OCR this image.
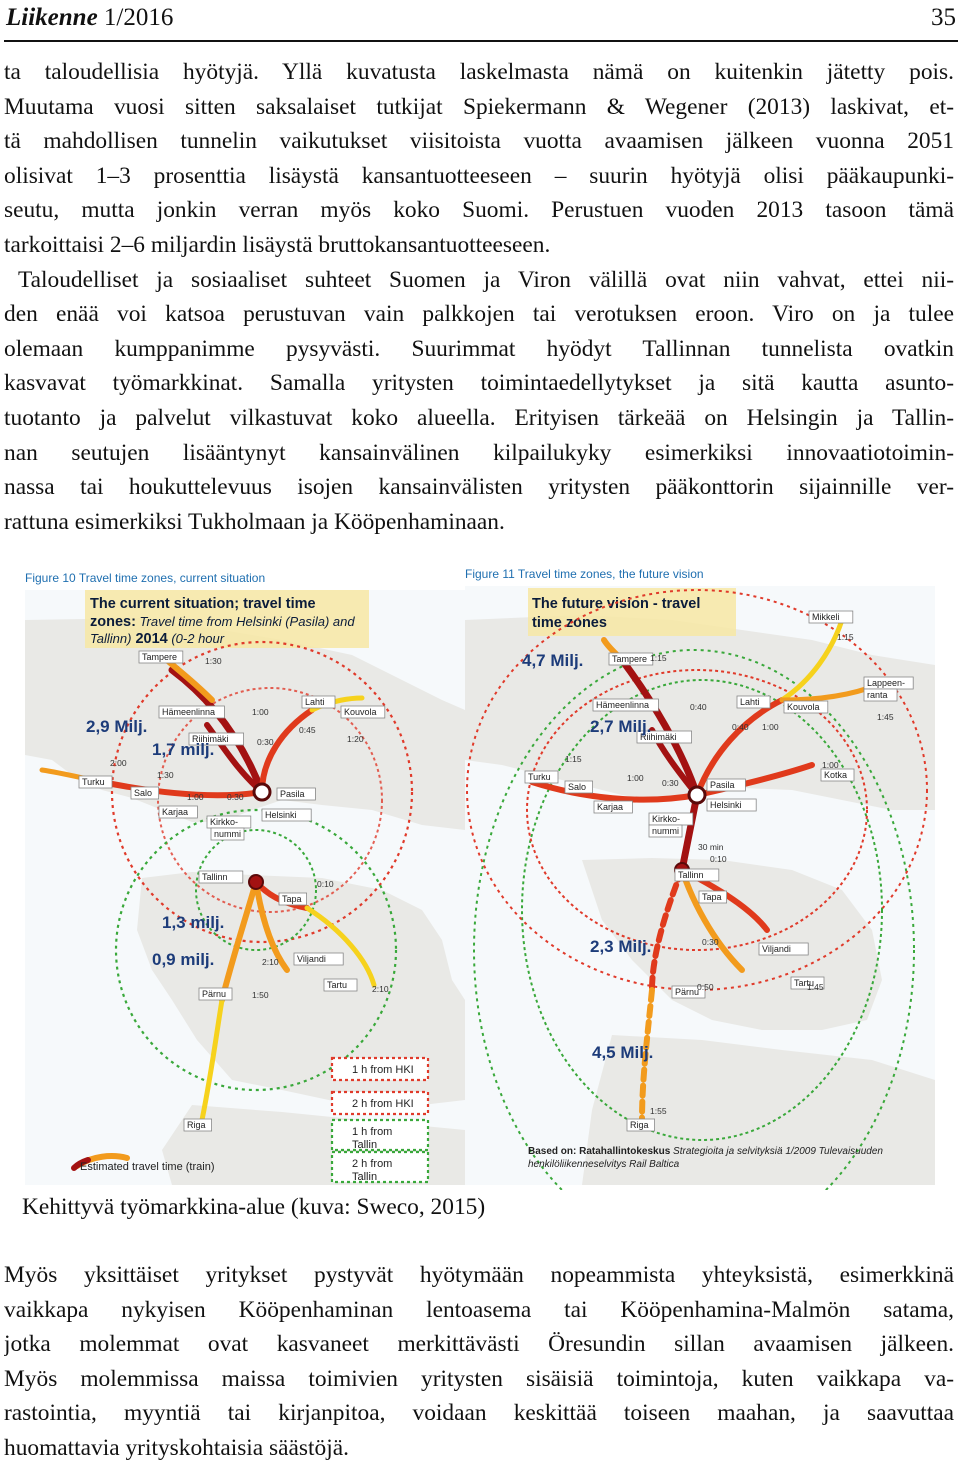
Liikenne 1/2016	35
ta taloudellisia hyötyjä. Yllä kuvatusta laskelmasta nämä on kuitenkin jätetty pois.
Muutama vuosi sitten saksalaiset tutkijat Spiekermann & Wegener (2013) laskivat, et-
tä mahdollisen tunnelin vaikutukset viisitoista vuotta avaamisen jälkeen vuonna 2051
olisivat 1–3 prosenttia lisäystä kansantuotteeseen – suurin hyötyjä olisi pääkaupunki-
seutu, mutta jonkin verran myös koko Suomi. Perustuen vuoden 2013 tasoon tämä
tarkoittaisi 2–6 miljardin lisäystä bruttokansantuotteeseen.
Taloudelliset ja sosiaaliset suhteet Suomen ja Viron välillä ovat niin vahvat, ettei nii-
den enää voi katsoa perustuvan vain palkkojen tai verotuksen eroon. Viro on ja tulee
olemaan kumppanimme pysyvästi. Suurimmat hyödyt Tallinnan tunnelista ovatkin
kasvavat työmarkkinat. Samalla yritysten toimintaedellytykset ja sitä kautta asunto-
tuotanto ja palvelut vilkastuvat koko alueella. Erityisen tärkeää on Helsingin ja Tallin-
nan seutujen lisääntynyt kansainvälinen kilpailukyky esimerkiksi innovaatiotoimin-
nassa tai houkuttelevuus isojen kansainvälisten yritysten pääkonttorin sijainnille ver-
rattuna esimerkiksi Tukholmaan ja Kööpenhaminaan.
Figure 10 Travel time zones, current situation
The current situation; travel time
zones: Travel time from Helsinki (Pasila) and
Tallinn) 2014 (0-2 hour
Figure 11 Travel time zones, the future vision
The future vision - travel
time zones
Tampere
Hämeenlinna
Lahti
Kouvola
Riihimäki
Turku
Salo
Karjaa
Pasila
Helsinki
Kirkko-
nummi
Tallinn
Tapa
Viljandi
Tartu
Pärnu
Riga
1:30
1:00
0:30
0:45
1:20
2:00
1:30
1:00	0:30
0:10
2:10
1:50
2:10
2,9 Milj.
1,7 milj.
1,3 milj.
0,9 milj.
Mikkeli
Tampere
Hämeenlinna	Lahti	Kouvola
Lappeen-
ranta
Riihimäki
Turku
Salo
Karjaa
Kotka
Pasila
Helsinki
Kirkko-
nummi
Tallinn
Tapa
Viljandi
Tartu
Pärnu
Riga
1:15
1:15
0:40
0:40 1:00
1:45
1:15
1:00 0:30
1:00
0:10
0:30
0:50	1:45
1:55
30 min
4,7 Milj.
2,7 Milj.
2,3 Milj.
4,5 Milj.
1 h from HKI
2 h from HKI
1 h from
Tallin
2 h from
Tallin
Estimated travel time (train)
Based on: Ratahallintokeskus Strategioita ja selvityksiä 1/2009 Tulevaisuuden
henkilöliikenneselvitys Rail Baltica
Kehittyvä työmarkkina-alue (kuva: Sweco, 2015)
Myös yksittäiset yritykset pystyvät hyötymään nopeammista yhteyksistä, esimerkkinä
vaikkapa nykyisen Kööpenhaminan lentoasema tai Kööpenhamina-Malmön satama,
jotka molemmat ovat kasvaneet merkittävästi Öresundin sillan avaamisen jälkeen.
Myös molemmissa maissa toimivien yritysten sisäisiä toimintoja, kuten vaikkapa va-
rastointia, myyntiä tai kirjanpitoa, voidaan keskittää toiseen maahan, ja saavuttaa
huomattavia yrityskohtaisia säästöjä.
